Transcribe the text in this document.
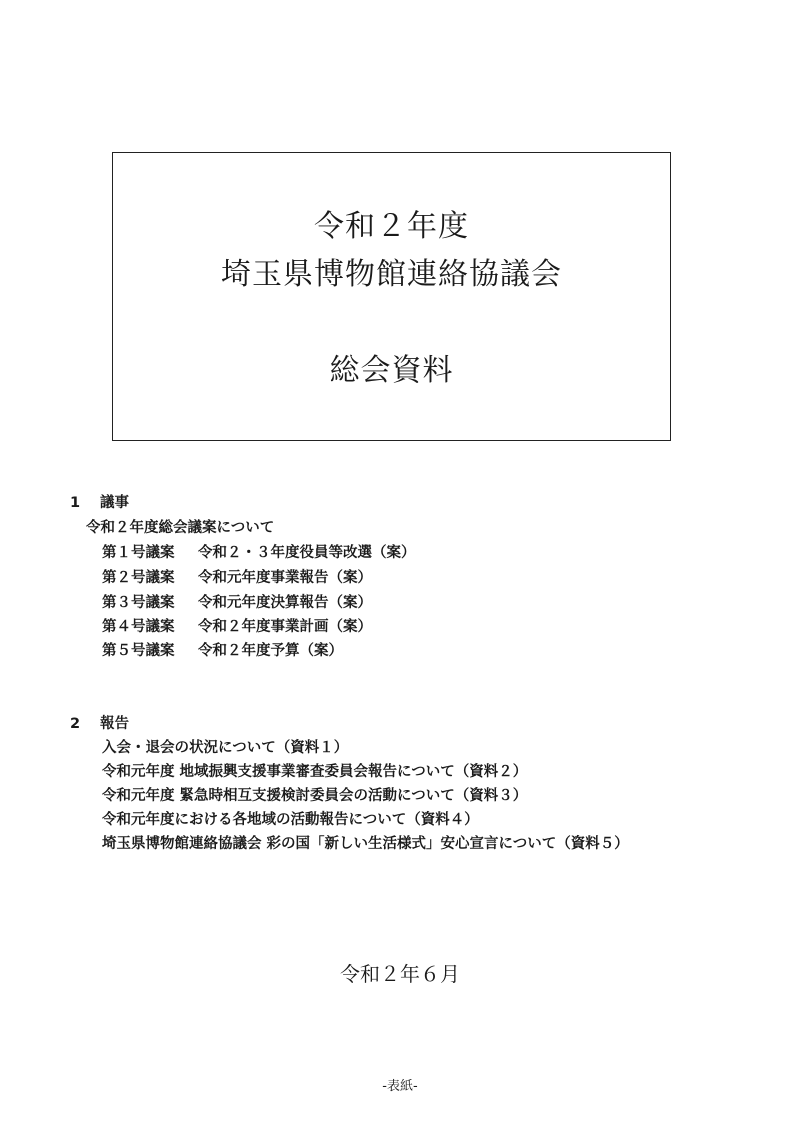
令和２年度
埼玉県博物館連絡協議会
総会資料
1 議事
令和２年度総会議案について
第１号議案 令和２・３年度役員等改選（案）
第２号議案 令和元年度事業報告（案）
第３号議案 令和元年度決算報告（案）
第４号議案 令和２年度事業計画（案）
第５号議案 令和２年度予算（案）
2 報告
入会・退会の状況について（資料１）
令和元年度 地域振興支援事業審査委員会報告について（資料２）
令和元年度 緊急時相互支援検討委員会の活動について（資料３）
令和元年度における各地域の活動報告について（資料４）
埼玉県博物館連絡協議会 彩の国「新しい生活様式」安心宣言について（資料５）
令和２年６月
-表紙-
